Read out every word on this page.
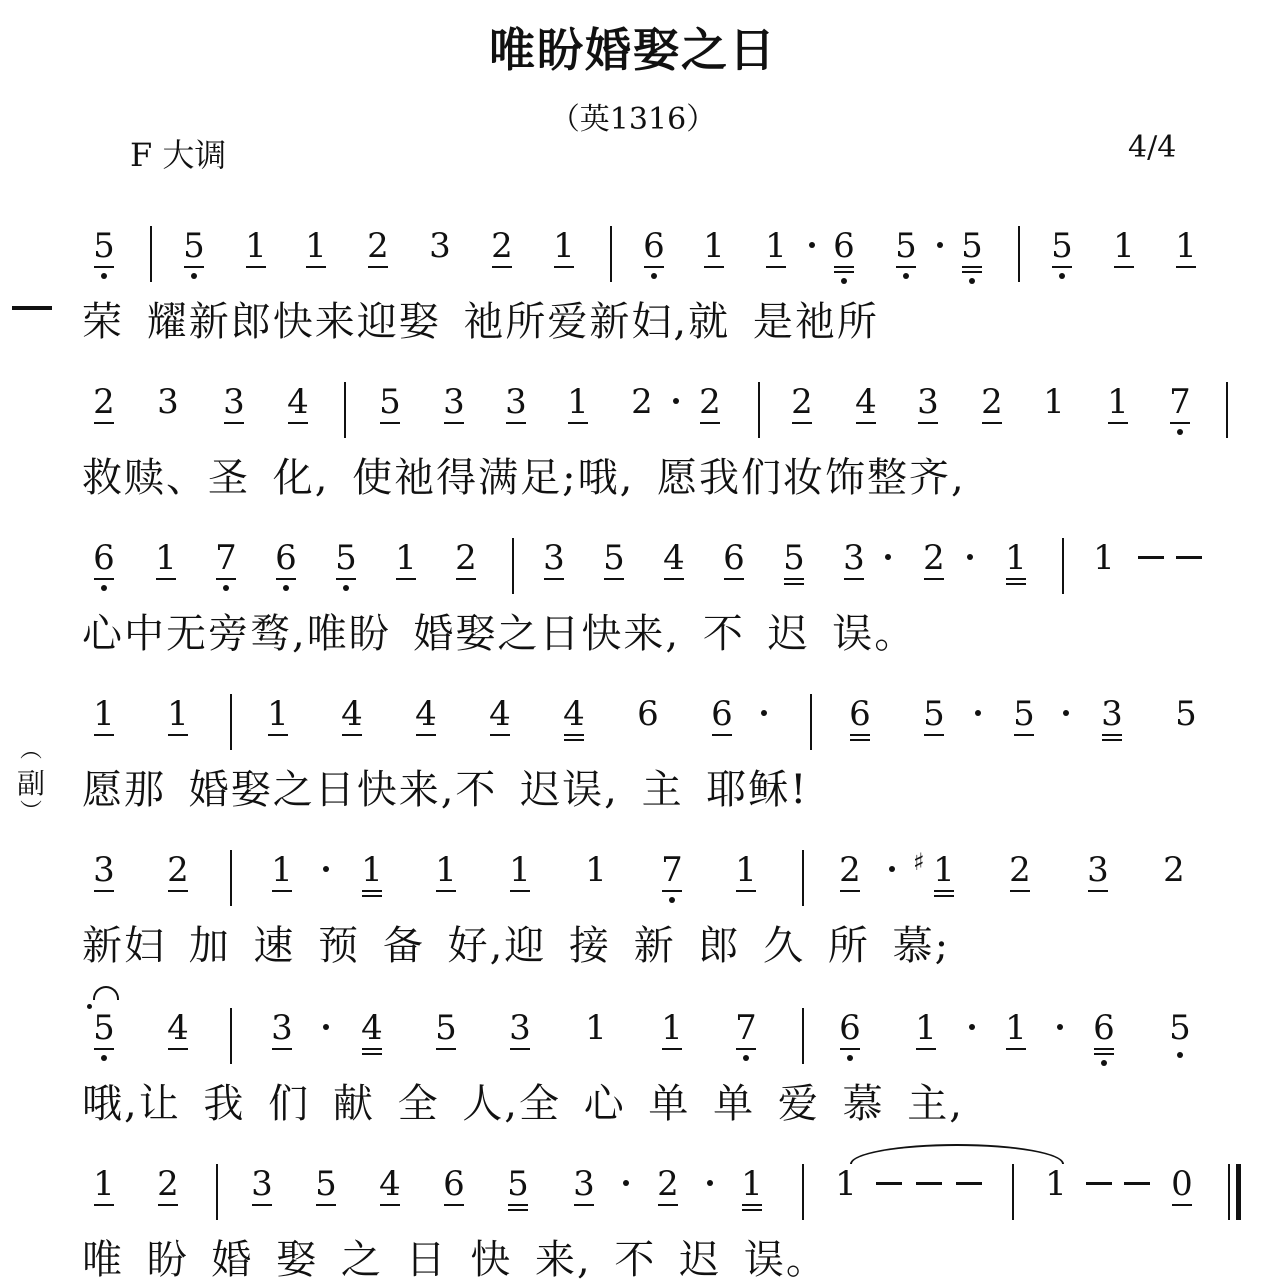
唯盼婚娶之日
（英1316）
F 大调	4/4
︵
副
︶
5 5 1 1 2 3 2 1 6 1 1 6 5 5 5 1 1
荣 耀新郎快来迎娶 祂所爱新妇,就 是祂所
2 3 3 4 5 3 3 1 2 2 2 4 3 2 1 1 7
救赎、圣 化, 使祂得满足;哦, 愿我们妆饰整齐,
6 1 7 6 5 1 2 3 5 4 6 5 3 2 1 1
心中无旁骛,唯盼 婚娶之日快来, 不 迟 误。
1 1 1 4 4 4 4 6 6	6 5 5 3 5
愿那 婚娶之日快来,不 迟误, 主 耶稣!
3 2 1 1 1 1 1 7 1 2 1
♯ 2 3 2
新妇 加 速 预 备 好,迎 接 新 郎 久 所 慕;
5 4 3 4 5 3 1 1 7 6 1 1 6 5
哦,让 我 们 献 全 人,全 心 单 单 爱 慕 主,
1 2 3 5 4 6 5 3 2 1 1	1	0
唯 盼 婚 娶 之 日 快 来, 不 迟 误。
